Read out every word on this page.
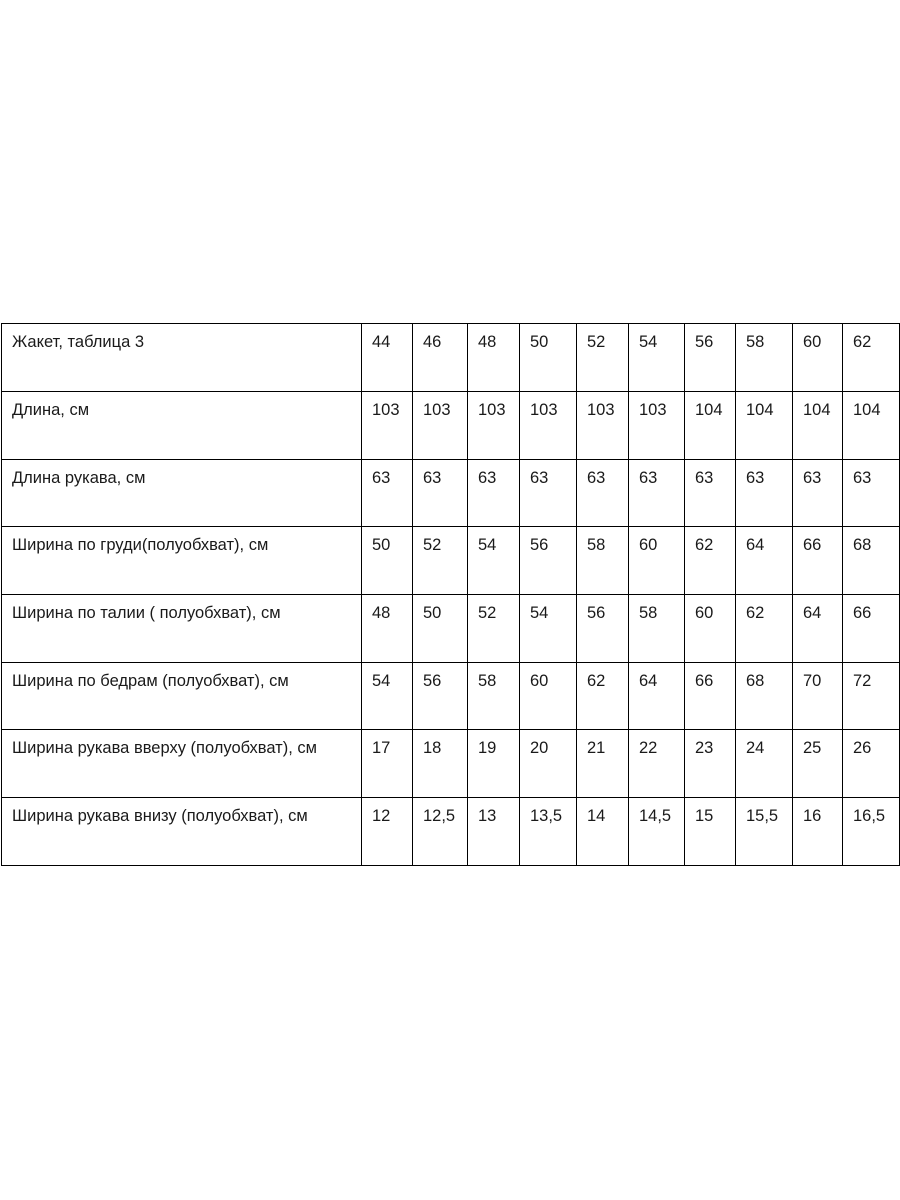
Жакет, таблица 3	44	46	48	50	52	54	56	58	60	62
Длина, см	103	103	103	103	103	103	104	104	104	104
Длина рукава, см	63	63	63	63	63	63	63	63	63	63
Ширина по груди(полуобхват), см	50	52	54	56	58	60	62	64	66	68
Ширина по талии ( полуобхват), см	48	50	52	54	56	58	60	62	64	66
Ширина по бедрам (полуобхват), см	54	56	58	60	62	64	66	68	70	72
Ширина рукава вверху (полуобхват), см	17	18	19	20	21	22	23	24	25	26
Ширина рукава внизу (полуобхват), см	12	12,5	13	13,5	14	14,5	15	15,5	16	16,5
